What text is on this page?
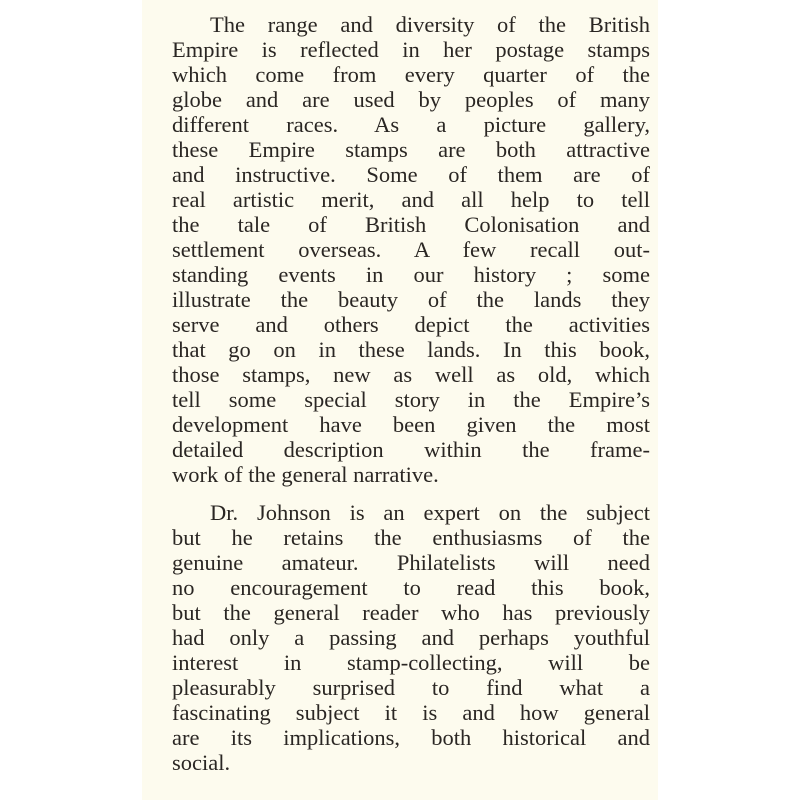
The range and diversity of the British
Empire is reflected in her postage stamps
which come from every quarter of the
globe and are used by peoples of many
different races. As a picture gallery,
these Empire stamps are both attractive
and instructive. Some of them are of
real artistic merit, and all help to tell
the tale of British Colonisation and
settlement overseas. A few recall out-
standing events in our history ; some
illustrate the beauty of the lands they
serve and others depict the activities
that go on in these lands. In this book,
those stamps, new as well as old, which
tell some special story in the Empire’s
development have been given the most
detailed description within the frame-
work of the general narrative.
Dr. Johnson is an expert on the subject
but he retains the enthusiasms of the
genuine amateur. Philatelists will need
no encouragement to read this book,
but the general reader who has previously
had only a passing and perhaps youthful
interest in stamp-collecting, will be
pleasurably surprised to find what a
fascinating subject it is and how general
are its implications, both historical and
social.
